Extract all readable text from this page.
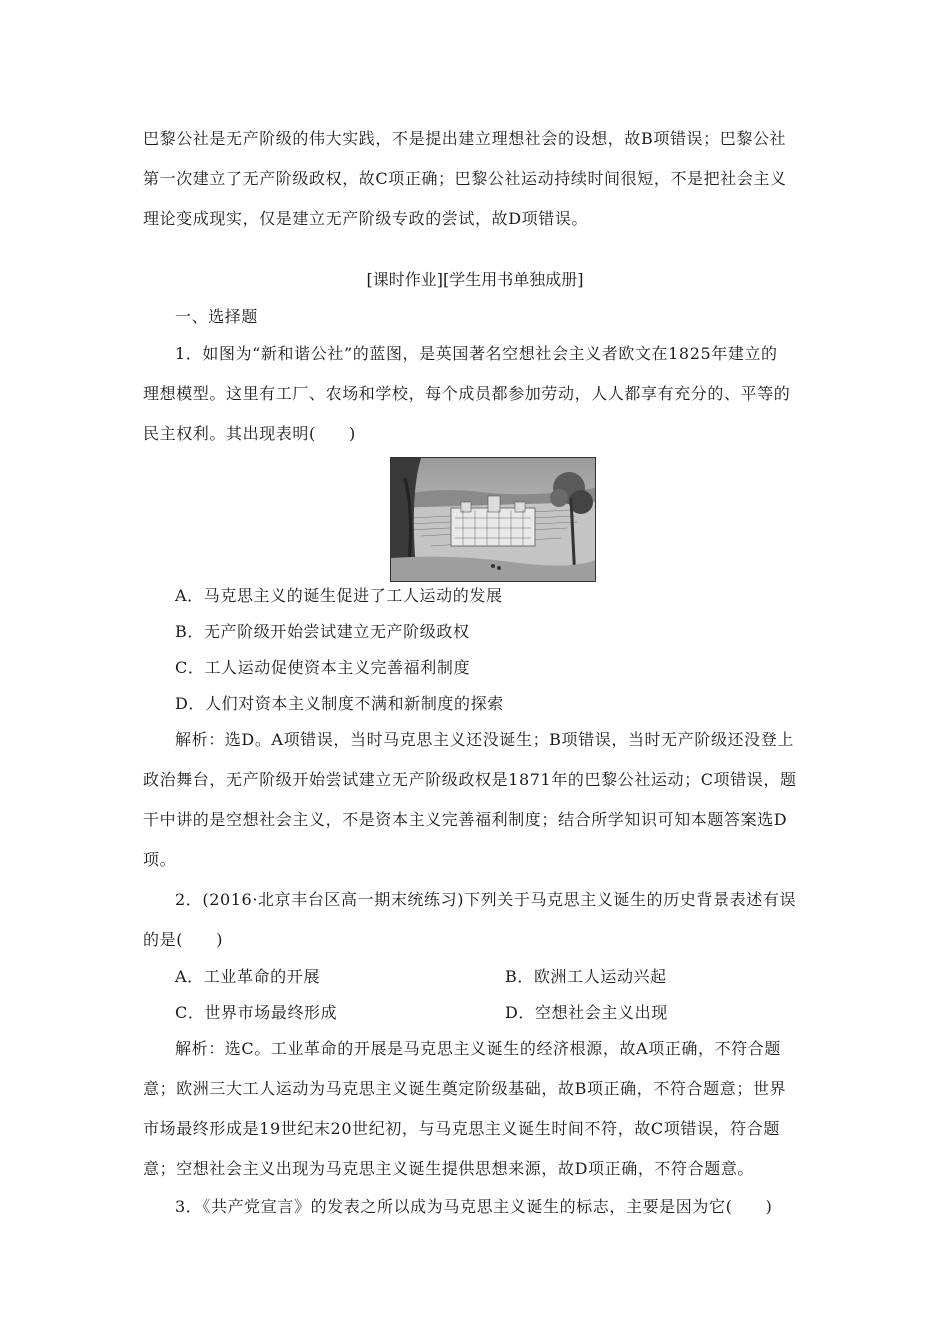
巴黎公社是无产阶级的伟大实践，不是提出建立理想社会的设想，故B项错误；巴黎公社
第一次建立了无产阶级政权，故C项正确；巴黎公社运动持续时间很短，不是把社会主义
理论变成现实，仅是建立无产阶级专政的尝试，故D项错误。
[课时作业][学生用书单独成册]
一、选择题
1．如图为“新和谐公社”的蓝图，是英国著名空想社会主义者欧文在1825年建立的
理想模型。这里有工厂、农场和学校，每个成员都参加劳动，人人都享有充分的、平等的
民主权利。其出现表明(　　)
A．马克思主义的诞生促进了工人运动的发展
B．无产阶级开始尝试建立无产阶级政权
C．工人运动促使资本主义完善福利制度
D．人们对资本主义制度不满和新制度的探索
解析：选D。A项错误，当时马克思主义还没诞生；B项错误，当时无产阶级还没登上
政治舞台，无产阶级开始尝试建立无产阶级政权是1871年的巴黎公社运动；C项错误，题
干中讲的是空想社会主义，不是资本主义完善福利制度；结合所学知识可知本题答案选D
项。
2．(2016·北京丰台区高一期末统练习)下列关于马克思主义诞生的历史背景表述有误
的是(　　)
A．工业革命的开展	B．欧洲工人运动兴起
C．世界市场最终形成	D．空想社会主义出现
解析：选C。工业革命的开展是马克思主义诞生的经济根源，故A项正确，不符合题
意；欧洲三大工人运动为马克思主义诞生奠定阶级基础，故B项正确，不符合题意；世界
市场最终形成是19世纪末20世纪初，与马克思主义诞生时间不符，故C项错误，符合题
意；空想社会主义出现为马克思主义诞生提供思想来源，故D项正确，不符合题意。
3．《共产党宣言》的发表之所以成为马克思主义诞生的标志，主要是因为它(　　)
